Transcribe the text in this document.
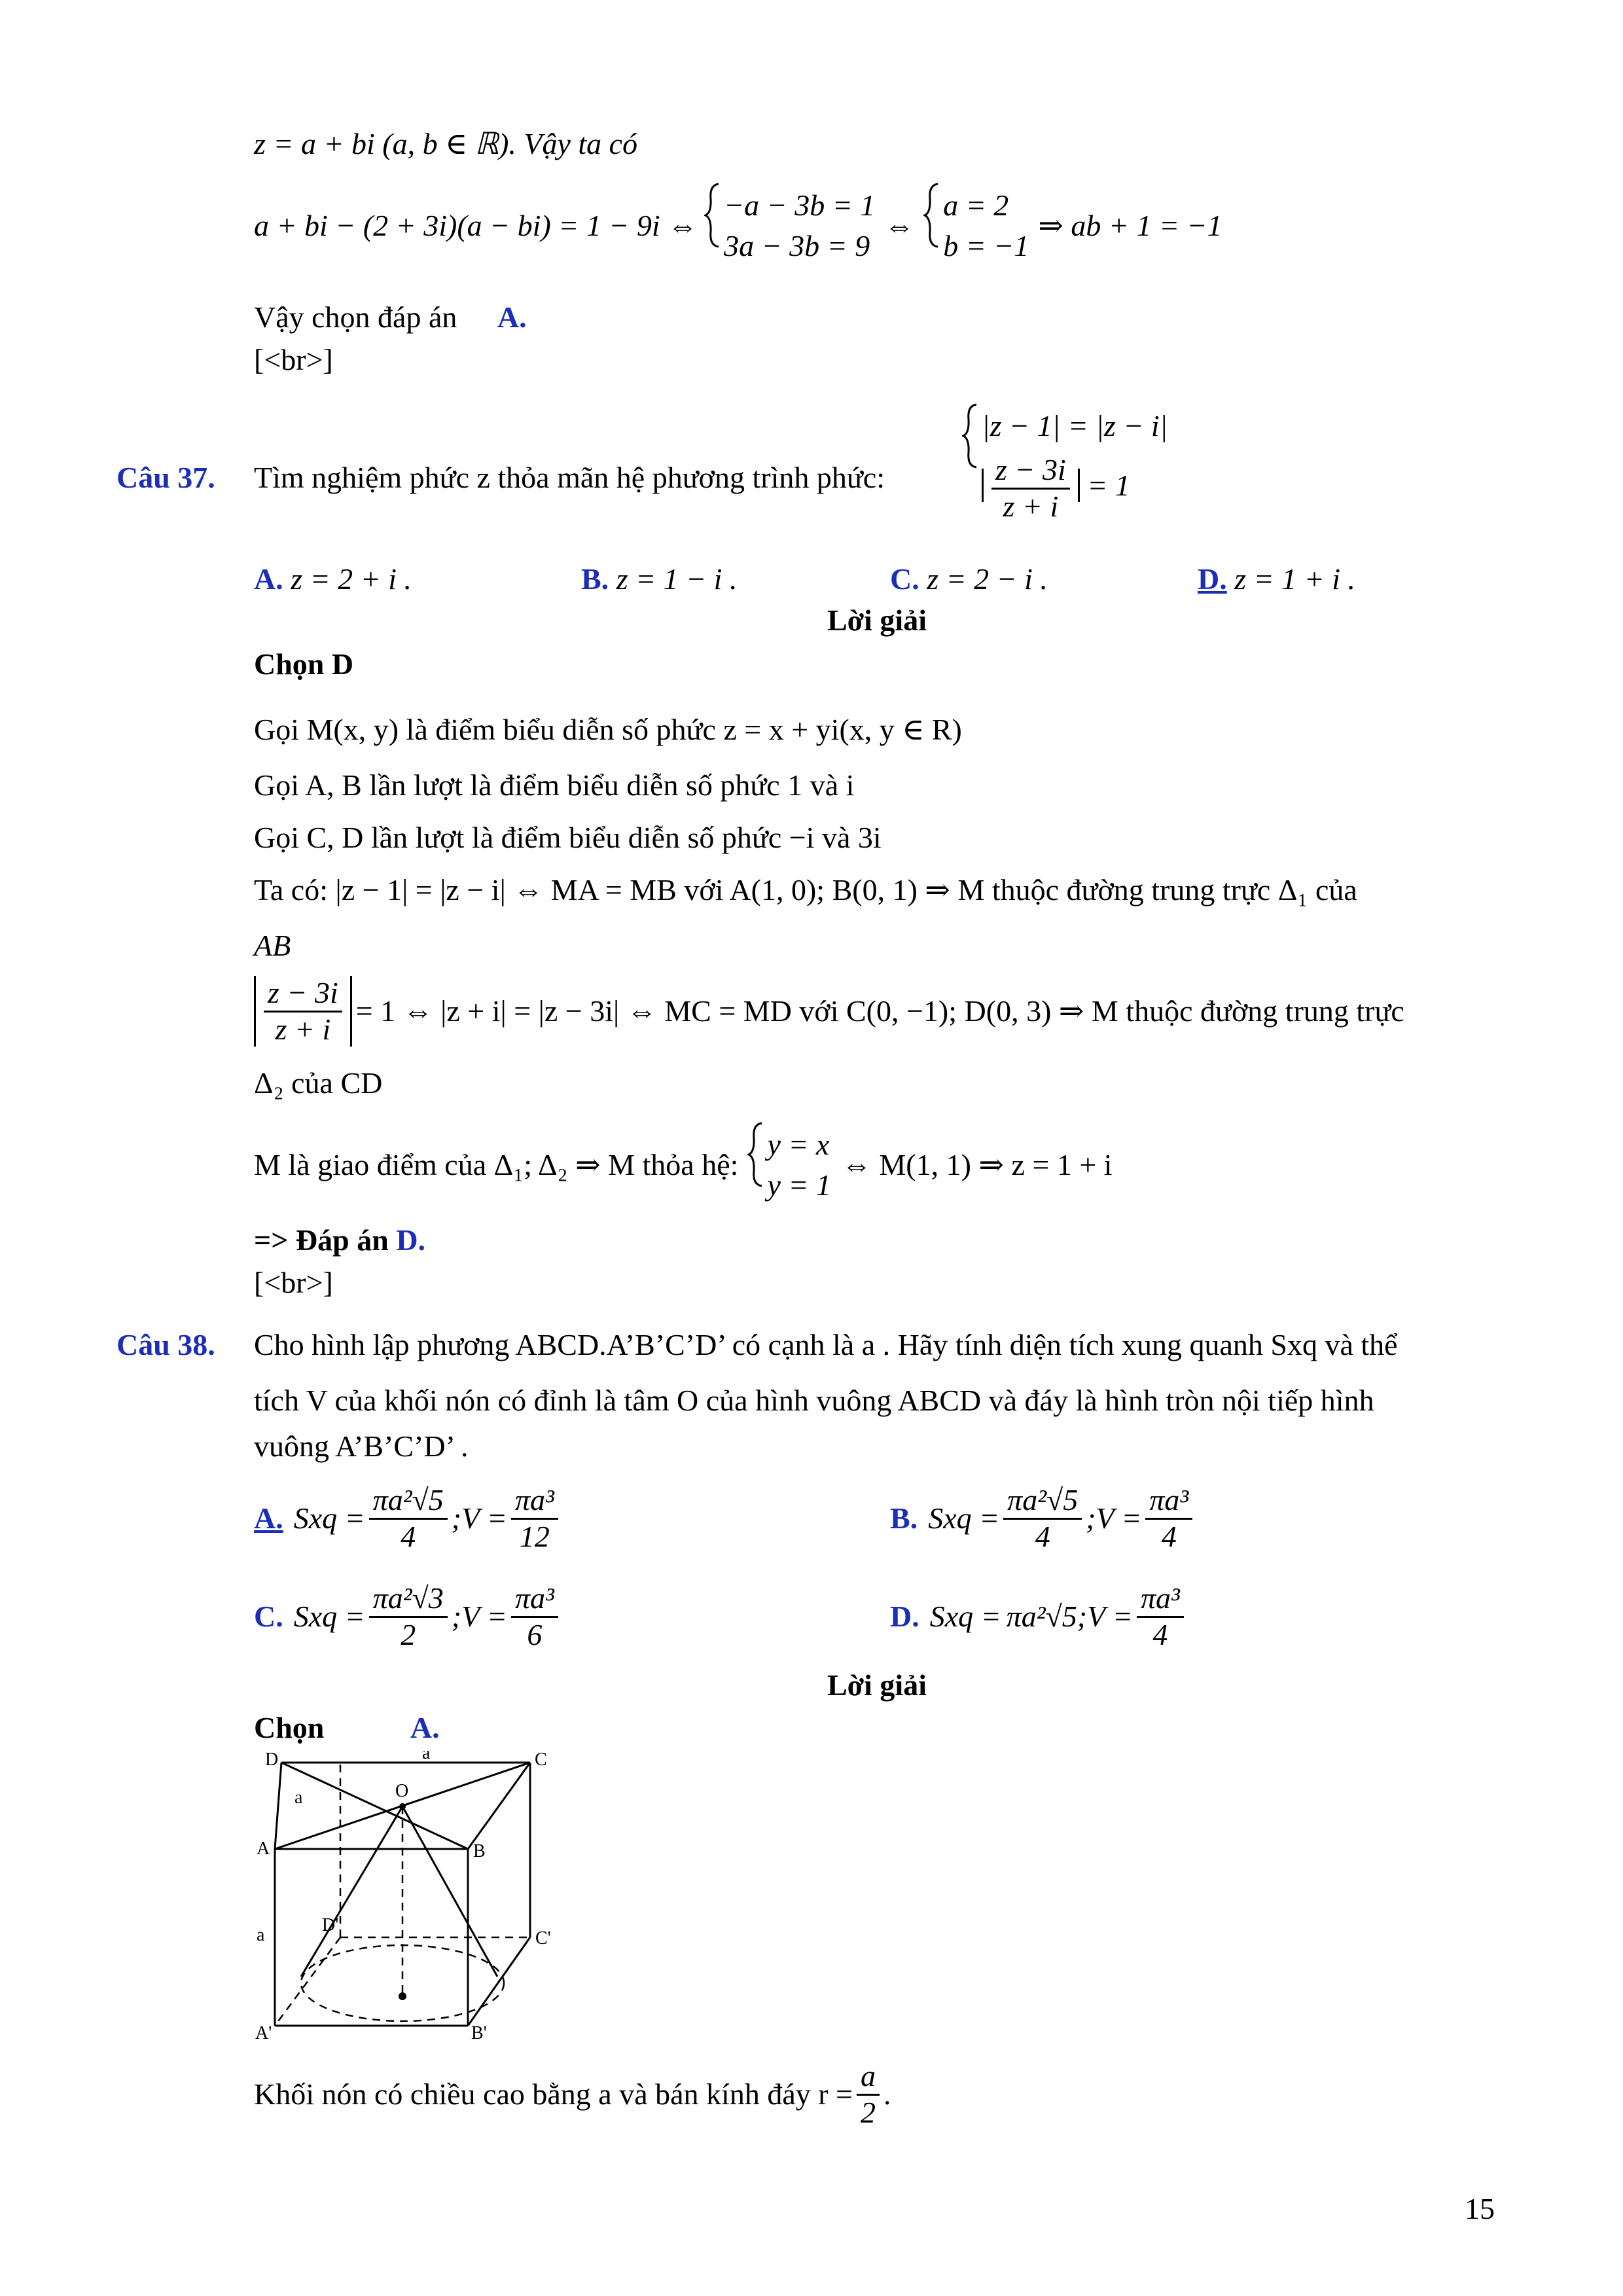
z = a + bi (a, b ∈ ℝ). Vậy ta có
a + bi − (2 + 3i)(a − bi) = 1 − 9i ⇔
−a − 3b = 1
3a − 3b = 9
⇔
a = 2
b = −1
⇒ ab + 1 = −1
Vậy chọn đáp án A.
[<br>]
Câu 37. Tìm nghiệm phức z thỏa mãn hệ phương trình phức:
|z − 1| = |z − i|
$\frac{z - 3i}{z + i} = 1$
A. z = 2 + i .	B. z = 1 − i .	C. z = 2 − i .	D. z = 1 + i .
Lời giải
Chọn D
Gọi M(x, y) là điểm biểu diễn số phức z = x + yi(x, y ∈ R)
Gọi A, B lần lượt là điểm biểu diễn số phức 1 và i
Gọi C, D lần lượt là điểm biểu diễn số phức −i và 3i
Ta có: |z − 1| = |z − i| ⇔ MA = MB với A(1, 0); B(0, 1) ⇒ M thuộc đường trung trực Δ₁ của
AB
$\frac{z - 3i}{z + i} = 1$ ⇔ |z + i| = |z − 3i| ⇔ MC = MD với C(0, −1); D(0, 3) ⇒ M thuộc đường trung trực
Δ₂ của CD
M là giao điểm của Δ₁; Δ₂ ⇒ M thỏa hệ:
y = x
y = 1
⇔ M(1, 1) ⇒ z = 1 + i
=> Đáp án D.
[<br>]
Câu 38. Cho hình lập phương ABCD.A’B’C’D’ có cạnh là a . Hãy tính diện tích xung quanh Sxq và thể
tích V của khối nón có đỉnh là tâm O của hình vuông ABCD và đáy là hình tròn nội tiếp hình
vuông A’B’C’D’ .
A. Sxq = $\frac{\text{πa²√5}}{4}$ ;V = $\frac{\text{πa³}}{12}$	B. Sxq = $\frac{\text{πa²√5}}{4}$ ;V = $\frac{\text{πa³}}{4}$
C. Sxq = $\frac{\text{πa²√3}}{2}$ ;V = $\frac{\text{πa³}}{6}$	D. Sxq = πa²√5 ;V = $\frac{\text{πa³}}{4}$
Lời giải
Chọn	A.
D	C
A	B
O
D'
C'
A'	B'
a
a
a
Khối nón có chiều cao bằng a và bán kính đáy $r = \frac{a}{2}$ .
15
